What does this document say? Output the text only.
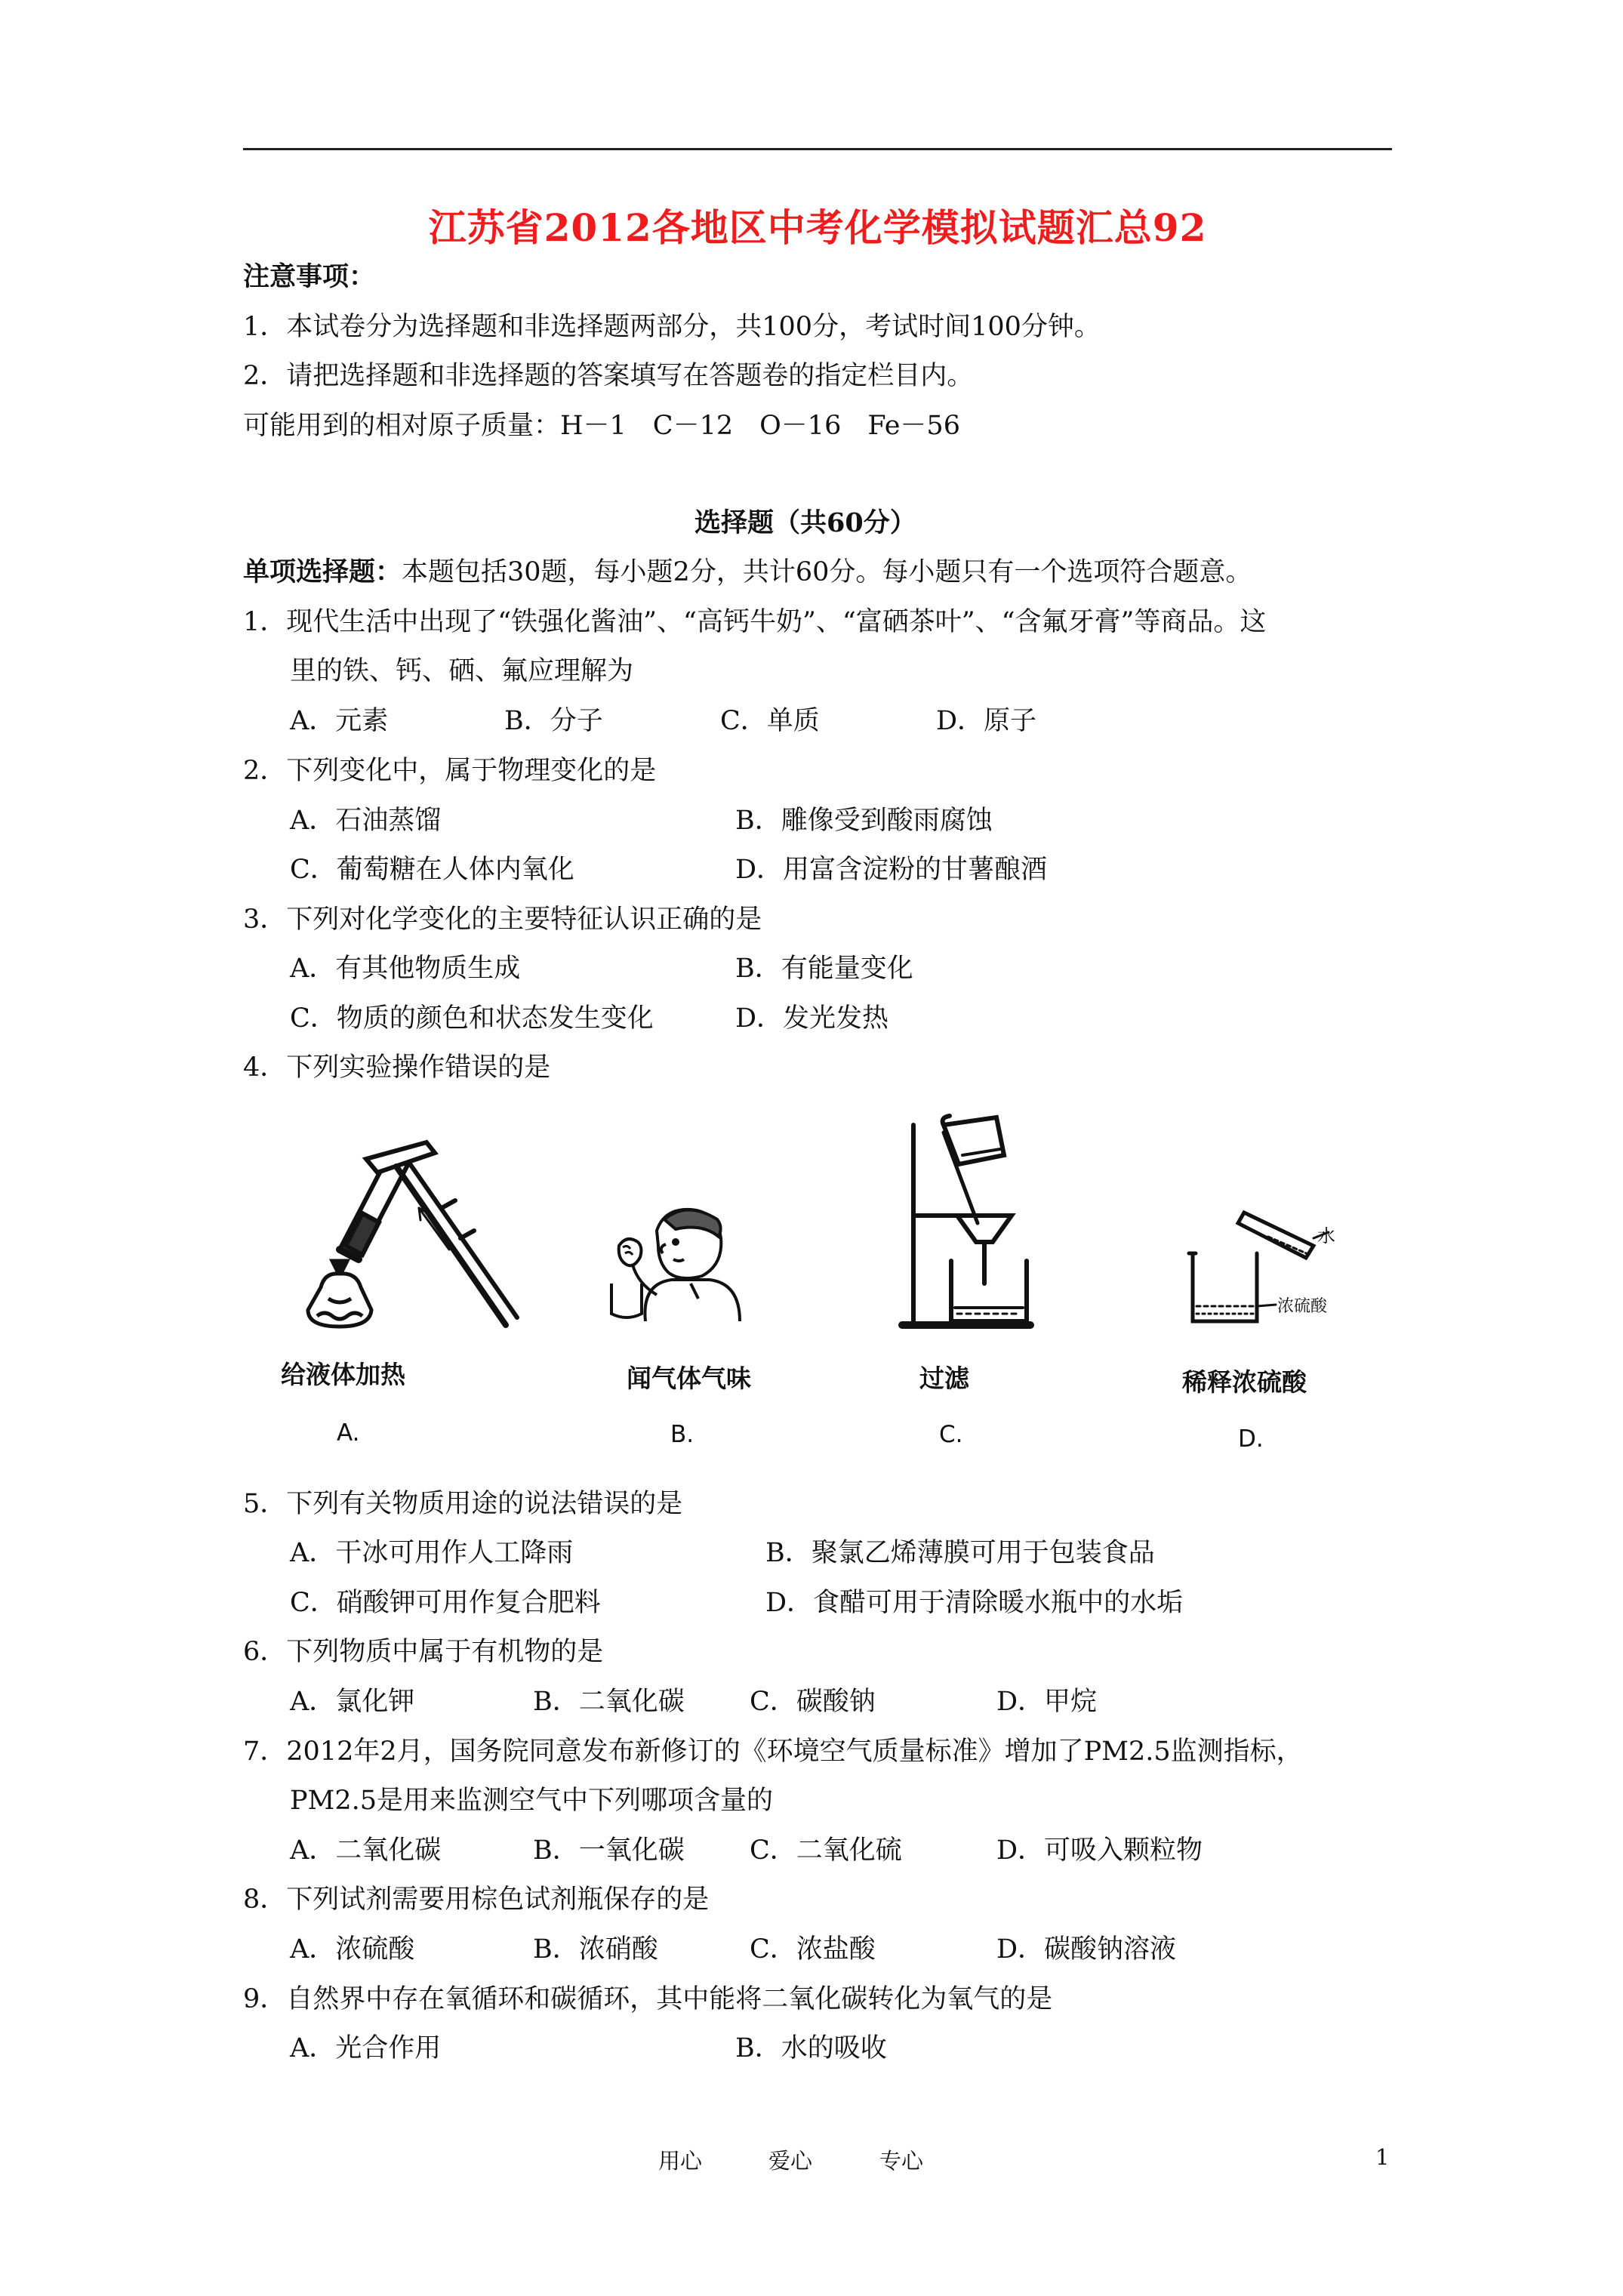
江苏省2012各地区中考化学模拟试题汇总92
注意事项：
1．本试卷分为选择题和非选择题两部分，共100分，考试时间100分钟。
2．请把选择题和非选择题的答案填写在答题卷的指定栏目内。
可能用到的相对原子质量：H－1　C－12　O－16　Fe－56
选择题（共60分）
单项选择题：本题包括30题，每小题2分，共计60分。每小题只有一个选项符合题意。
1．现代生活中出现了“铁强化酱油”、“高钙牛奶”、“富硒茶叶”、“含氟牙膏”等商品。这
里的铁、钙、硒、氟应理解为
A．元素	B．分子	C．单质	D．原子
2．下列变化中，属于物理变化的是
A．石油蒸馏	B．雕像受到酸雨腐蚀
C．葡萄糖在人体内氧化	D．用富含淀粉的甘薯酿酒
3．下列对化学变化的主要特征认识正确的是
A．有其他物质生成	B．有能量变化
C．物质的颜色和状态发生变化	D．发光发热
4．下列实验操作错误的是
给液体加热
A.
闻气体气味
B.
过滤
C.
水
浓硫酸
稀释浓硫酸
D.
5．下列有关物质用途的说法错误的是
A．干冰可用作人工降雨	B．聚氯乙烯薄膜可用于包装食品
C．硝酸钾可用作复合肥料	D．食醋可用于清除暖水瓶中的水垢
6．下列物质中属于有机物的是
A．氯化钾	B．二氧化碳 C．碳酸钠	D．甲烷
7．2012年2月，国务院同意发布新修订的《环境空气质量标准》增加了PM2.5监测指标，
PM2.5是用来监测空气中下列哪项含量的
A．二氧化碳	B．一氧化碳 C．二氧化硫	D．可吸入颗粒物
8．下列试剂需要用棕色试剂瓶保存的是
A．浓硫酸	B．浓硝酸	C．浓盐酸	D．碳酸钠溶液
9．自然界中存在氧循环和碳循环，其中能将二氧化碳转化为氧气的是
A．光合作用	B．水的吸收
用心	爱心	专心	1
